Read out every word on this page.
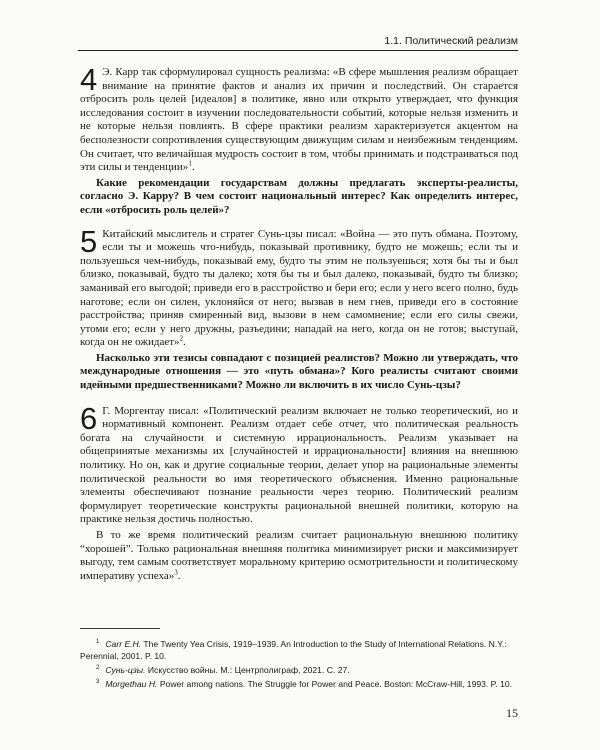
1.1. Политический реализм

4 Э. Карр так сформулировал сущность реализма: «В сфере мышления реализм обращает внимание на принятие фактов и анализ их причин и последствий. Он старается отбросить роль целей [идеалов] в политике, явно или открыто утверждает, что функция исследования состоит в изучении последовательности событий, которые нельзя изменить и не которые нельзя повлиять. В сфере практики реализм характеризуется акцентом на бесполезности сопротивления существующим движущим силам и неизбежным тенденциям. Он считает, что величайшая мудрость состоит в том, чтобы принимать и подстраиваться под эти силы и тенденции»$^1$.

Какие рекомендации государствам должны предлагать эксперты-реалисты, согласно Э. Карру? В чем состоит национальный интерес? Как определить интерес, если «отбросить роль целей»?

5 Китайский мыслитель и стратег Сунь-цзы писал: «Война — это путь обмана. Поэтому, если ты и можешь что-нибудь, показывай противнику, будто не можешь; если ты и пользуешься чем-нибудь, показывай ему, будто ты этим не пользуешься; хотя бы ты и был близко, показывай, будто ты далеко; хотя бы ты и был далеко, показывай, будто ты близко; заманивай его выгодой; приведи его в расстройство и бери его; если у него всего полно, будь наготове; если он силен, уклоняйся от него; вызвав в нем гнев, приведи его в состояние расстройства; приняв смиренный вид, вызови в нем самомнение; если его силы свежи, утоми его; если у него дружны, разъедини; нападай на него, когда он не готов; выступай, когда он не ожидает»$^2$.

Насколько эти тезисы совпадают с позицией реалистов? Можно ли утверждать, что международные отношения — это «путь обмана»? Кого реалисты считают своими идейными предшественниками? Можно ли включить в их число Сунь-цзы?

6 Г. Моргентау писал: «Политический реализм включает не только теоретический, но и нормативный компонент. Реализм отдает себе отчет, что политическая реальность богата на случайности и системную иррациональность. Реализм указывает на общепринятые механизмы их [случайностей и иррациональности] влияния на внешнюю политику. Но он, как и другие социальные теории, делает упор на рациональные элементы политической реальности во имя теоретического объяснения. Именно рациональные элементы обеспечивают познание реальности через теорию. Политический реализм формулирует теоретические конструкты рациональной внешней политики, которую на практике нельзя достичь полностью.

В то же время политический реализм считает рациональную внешнюю политику “хорошей”. Только рациональная внешняя политика минимизирует риски и максимизирует выгоду, тем самым соответствует моральному критерию осмотрительности и политическому императиву успеха»$^3$.

$^1$ Carr E.H. The Twenty Yea Crisis, 1919–1939. An Introduction to the Study of International Relations. N.Y.: Perennial, 2001. P. 10.

$^2$ Сунь-цзы. Искусство войны. М.: Центрполиграф, 2021. С. 27.

$^3$ Morgethau H. Power among nations. The Struggle for Power and Peace. Boston: McCraw-Hill, 1993. P. 10.

15
